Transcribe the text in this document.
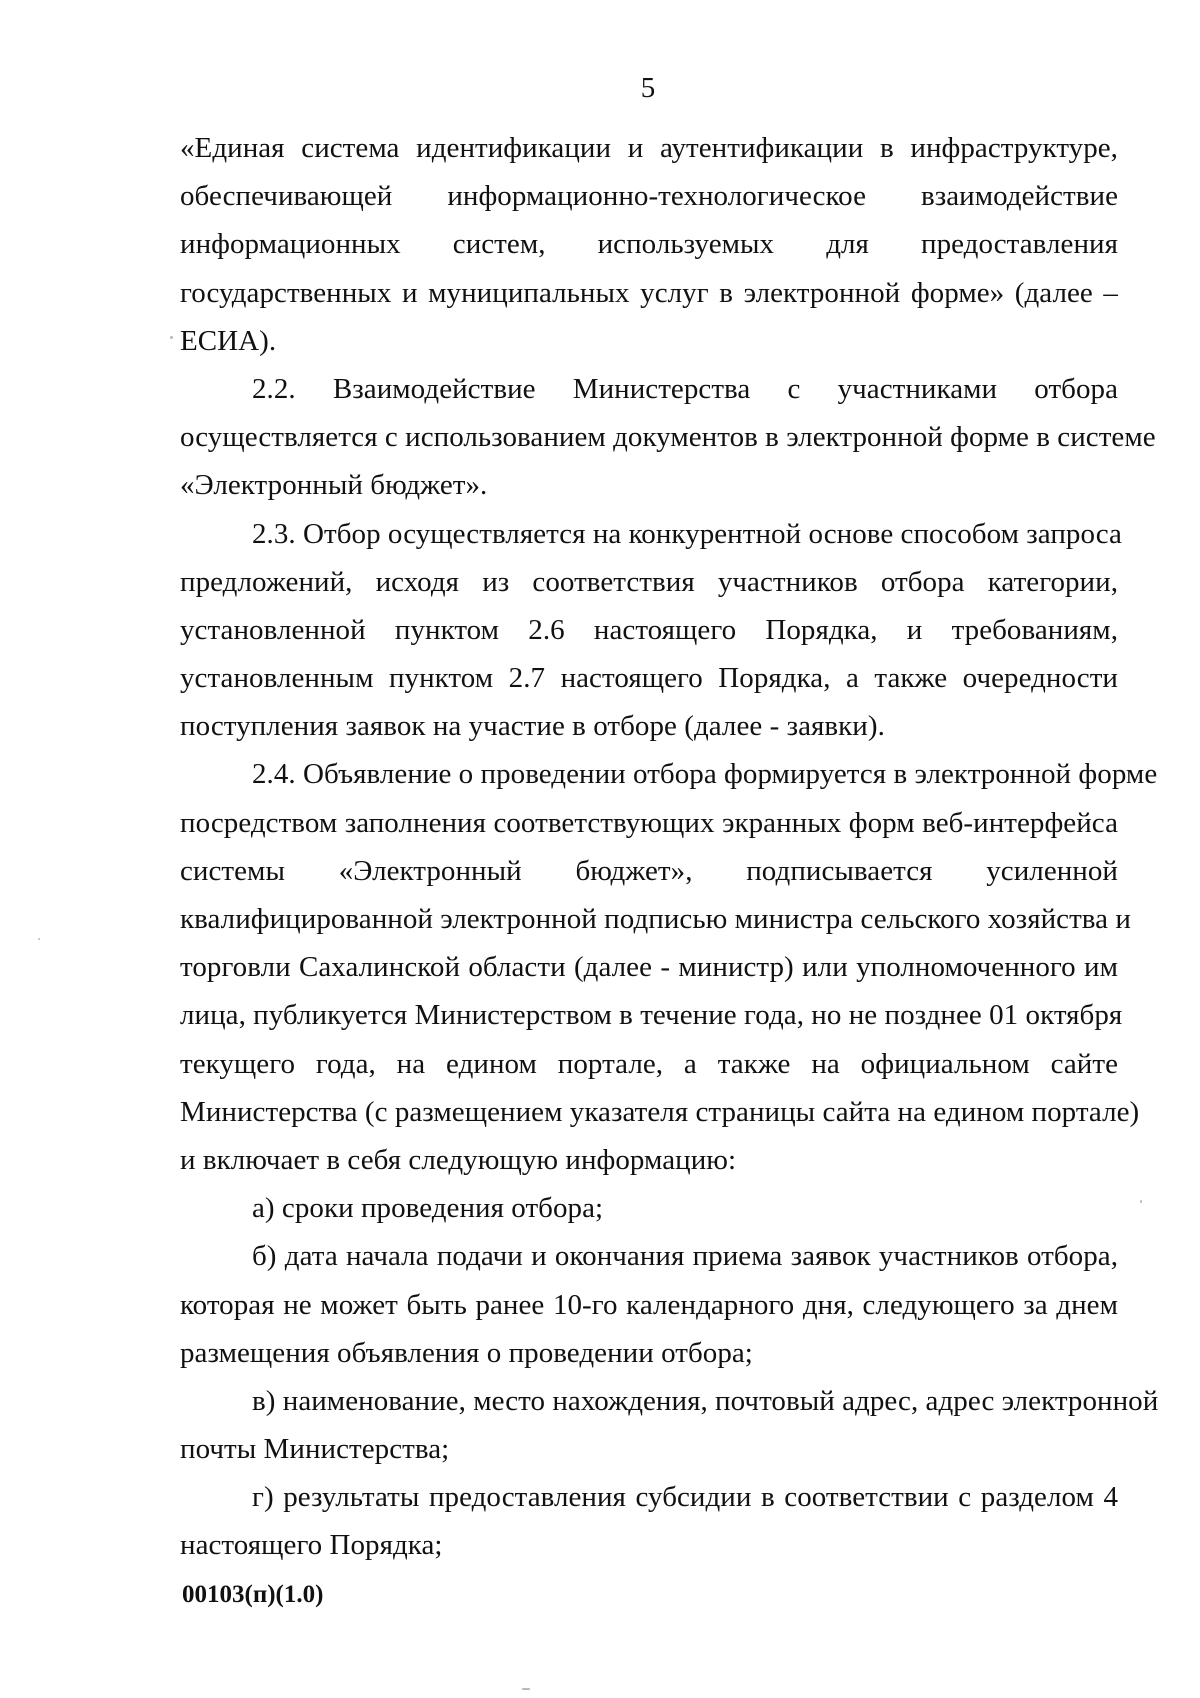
5
«Единая система идентификации и аутентификации в инфраструктуре,
обеспечивающей информационно-технологическое взаимодействие
информационных систем, используемых для предоставления
государственных и муниципальных услуг в электронной форме» (далее –
ЕСИА).
2.2. Взаимодействие Министерства с участниками отбора
осуществляется с использованием документов в электронной форме в системе
«Электронный бюджет».
2.3. Отбор осуществляется на конкурентной основе способом запроса
предложений, исходя из соответствия участников отбора категории,
установленной пунктом 2.6 настоящего Порядка, и требованиям,
установленным пунктом 2.7 настоящего Порядка, а также очередности
поступления заявок на участие в отборе (далее - заявки).
2.4. Объявление о проведении отбора формируется в электронной форме
посредством заполнения соответствующих экранных форм веб-интерфейса
системы «Электронный бюджет», подписывается усиленной
квалифицированной электронной подписью министра сельского хозяйства и
торговли Сахалинской области (далее - министр) или уполномоченного им
лица, публикуется Министерством в течение года, но не позднее 01 октября
текущего года, на едином портале, а также на официальном сайте
Министерства (с размещением указателя страницы сайта на едином портале)
и включает в себя следующую информацию:
а) сроки проведения отбора;
б) дата начала подачи и окончания приема заявок участников отбора,
которая не может быть ранее 10-го календарного дня, следующего за днем
размещения объявления о проведении отбора;
в) наименование, место нахождения, почтовый адрес, адрес электронной
почты Министерства;
г) результаты предоставления субсидии в соответствии с разделом 4
настоящего Порядка;
00103(п)(1.0)
